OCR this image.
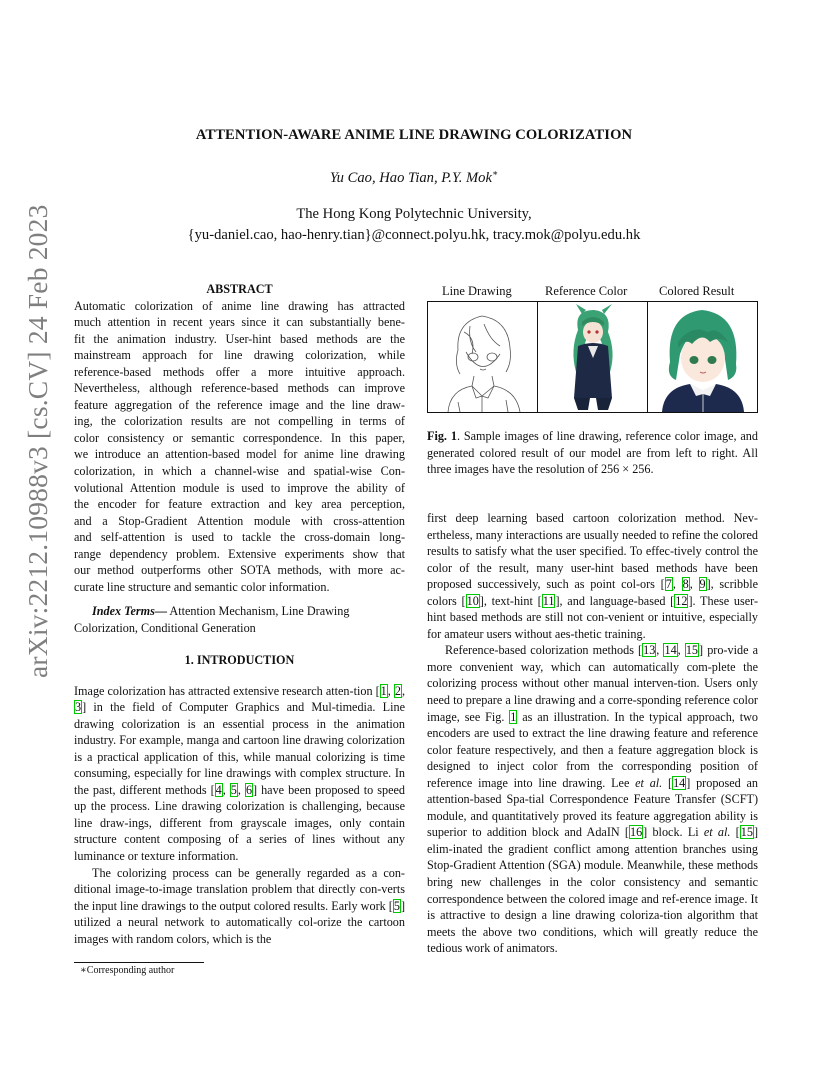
arXiv:2212.10988v3 [cs.CV] 24 Feb 2023
ATTENTION-AWARE ANIME LINE DRAWING COLORIZATION
Yu Cao, Hao Tian, P.Y. Mok∗
The Hong Kong Polytechnic University,
{yu-daniel.cao, hao-henry.tian}@connect.polyu.hk, tracy.mok@polyu.edu.hk
ABSTRACT
Automatic colorization of anime line drawing has attracted
much attention in recent years since it can substantially bene-
fit the animation industry. User-hint based methods are the
mainstream approach for line drawing colorization, while
reference-based methods offer a more intuitive approach.
Nevertheless, although reference-based methods can improve
feature aggregation of the reference image and the line draw-
ing, the colorization results are not compelling in terms of
color consistency or semantic correspondence. In this paper,
we introduce an attention-based model for anime line drawing
colorization, in which a channel-wise and spatial-wise Con-
volutional Attention module is used to improve the ability of
the encoder for feature extraction and key area perception,
and a Stop-Gradient Attention module with cross-attention
and self-attention is used to tackle the cross-domain long-
range dependency problem. Extensive experiments show that
our method outperforms other SOTA methods, with more ac-
curate line structure and semantic color information.

Index Terms— Attention Mechanism, Line Drawing

Colorization, Conditional Generation

1. INTRODUCTION

Image colorization has attracted extensive research atten-tion [1, 2, 3] in the field of Computer Graphics and Mul-timedia. Line drawing colorization is an essential process in the animation industry. For example, manga and cartoon line drawing colorization is a practical application of this, while manual colorizing is time consuming, especially for line drawings with complex structure. In the past, different methods [4, 5, 6] have been proposed to speed up the process. Line drawing colorization is challenging, because line draw-ings, different from grayscale images, only contain structure content composing of a series of lines without any luminance or texture information.

The colorizing process can be generally regarded as a con-ditional image-to-image translation problem that directly con-verts the input line drawings to the output colored results. Early work [5] utilized a neural network to automatically col-orize the cartoon images with random colors, which is the

∗Corresponding author
Line Drawing	Reference Color	Colored Result
Fig. 1. Sample images of line drawing, reference color image, and generated colored result of our model are from left to right. All three images have the resolution of 256 × 256.

first deep learning based cartoon colorization method. Nev-ertheless, many interactions are usually needed to refine the colored results to satisfy what the user specified. To effec-tively control the color of the result, many user-hint based methods have been proposed successively, such as point col-ors [7, 8, 9], scribble colors [10], text-hint [11], and language-based [12]. These user-hint based methods are still not con-venient or intuitive, especially for amateur users without aes-thetic training.

Reference-based colorization methods [13, 14, 15] pro-vide a more convenient way, which can automatically com-plete the colorizing process without other manual interven-tion. Users only need to prepare a line drawing and a corre-sponding reference color image, see Fig. 1 as an illustration. In the typical approach, two encoders are used to extract the line drawing feature and reference color feature respectively, and then a feature aggregation block is designed to inject color from the corresponding position of reference image into line drawing. Lee et al. [14] proposed an attention-based Spa-tial Correspondence Feature Transfer (SCFT) module, and quantitatively proved its feature aggregation ability is superior to addition block and AdaIN [16] block. Li et al. [15] elim-inated the gradient conflict among attention branches using Stop-Gradient Attention (SGA) module. Meanwhile, these methods bring new challenges in the color consistency and semantic correspondence between the colored image and ref-erence image. It is attractive to design a line drawing coloriza-tion algorithm that meets the above two conditions, which will greatly reduce the tedious work of animators.
